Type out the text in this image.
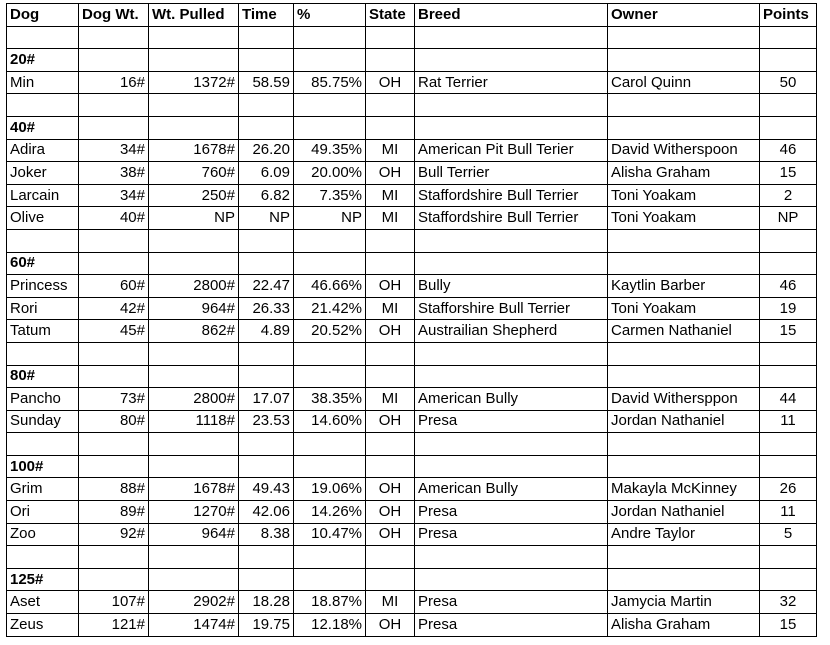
Dog	Dog Wt.	Wt. Pulled	Time	%	State	Breed	Owner	Points

20#								
Min	16#	1372#	58.59	85.75%	OH	Rat Terrier	Carol Quinn	50

40#								
Adira	34#	1678#	26.20	49.35%	MI	American Pit Bull Terier	David Witherspoon	46
Joker	38#	760#	6.09	20.00%	OH	Bull Terrier	Alisha Graham	15
Larcain	34#	250#	6.82	7.35%	MI	Staffordshire Bull Terrier	Toni Yoakam	2
Olive	40#	NP	NP	NP	MI	Staffordshire Bull Terrier	Toni Yoakam	NP

60#								
Princess	60#	2800#	22.47	46.66%	OH	Bully	Kaytlin Barber	46
Rori	42#	964#	26.33	21.42%	MI	Stafforshire Bull Terrier	Toni Yoakam	19
Tatum	45#	862#	4.89	20.52%	OH	Austrailian Shepherd	Carmen Nathaniel	15

80#								
Pancho	73#	2800#	17.07	38.35%	MI	American Bully	David Withersppon	44
Sunday	80#	1118#	23.53	14.60%	OH	Presa	Jordan Nathaniel	11

100#								
Grim	88#	1678#	49.43	19.06%	OH	American Bully	Makayla McKinney	26
Ori	89#	1270#	42.06	14.26%	OH	Presa	Jordan Nathaniel	11
Zoo	92#	964#	8.38	10.47%	OH	Presa	Andre Taylor	5

125#								
Aset	107#	2902#	18.28	18.87%	MI	Presa	Jamycia Martin	32
Zeus	121#	1474#	19.75	12.18%	OH	Presa	Alisha Graham	15
